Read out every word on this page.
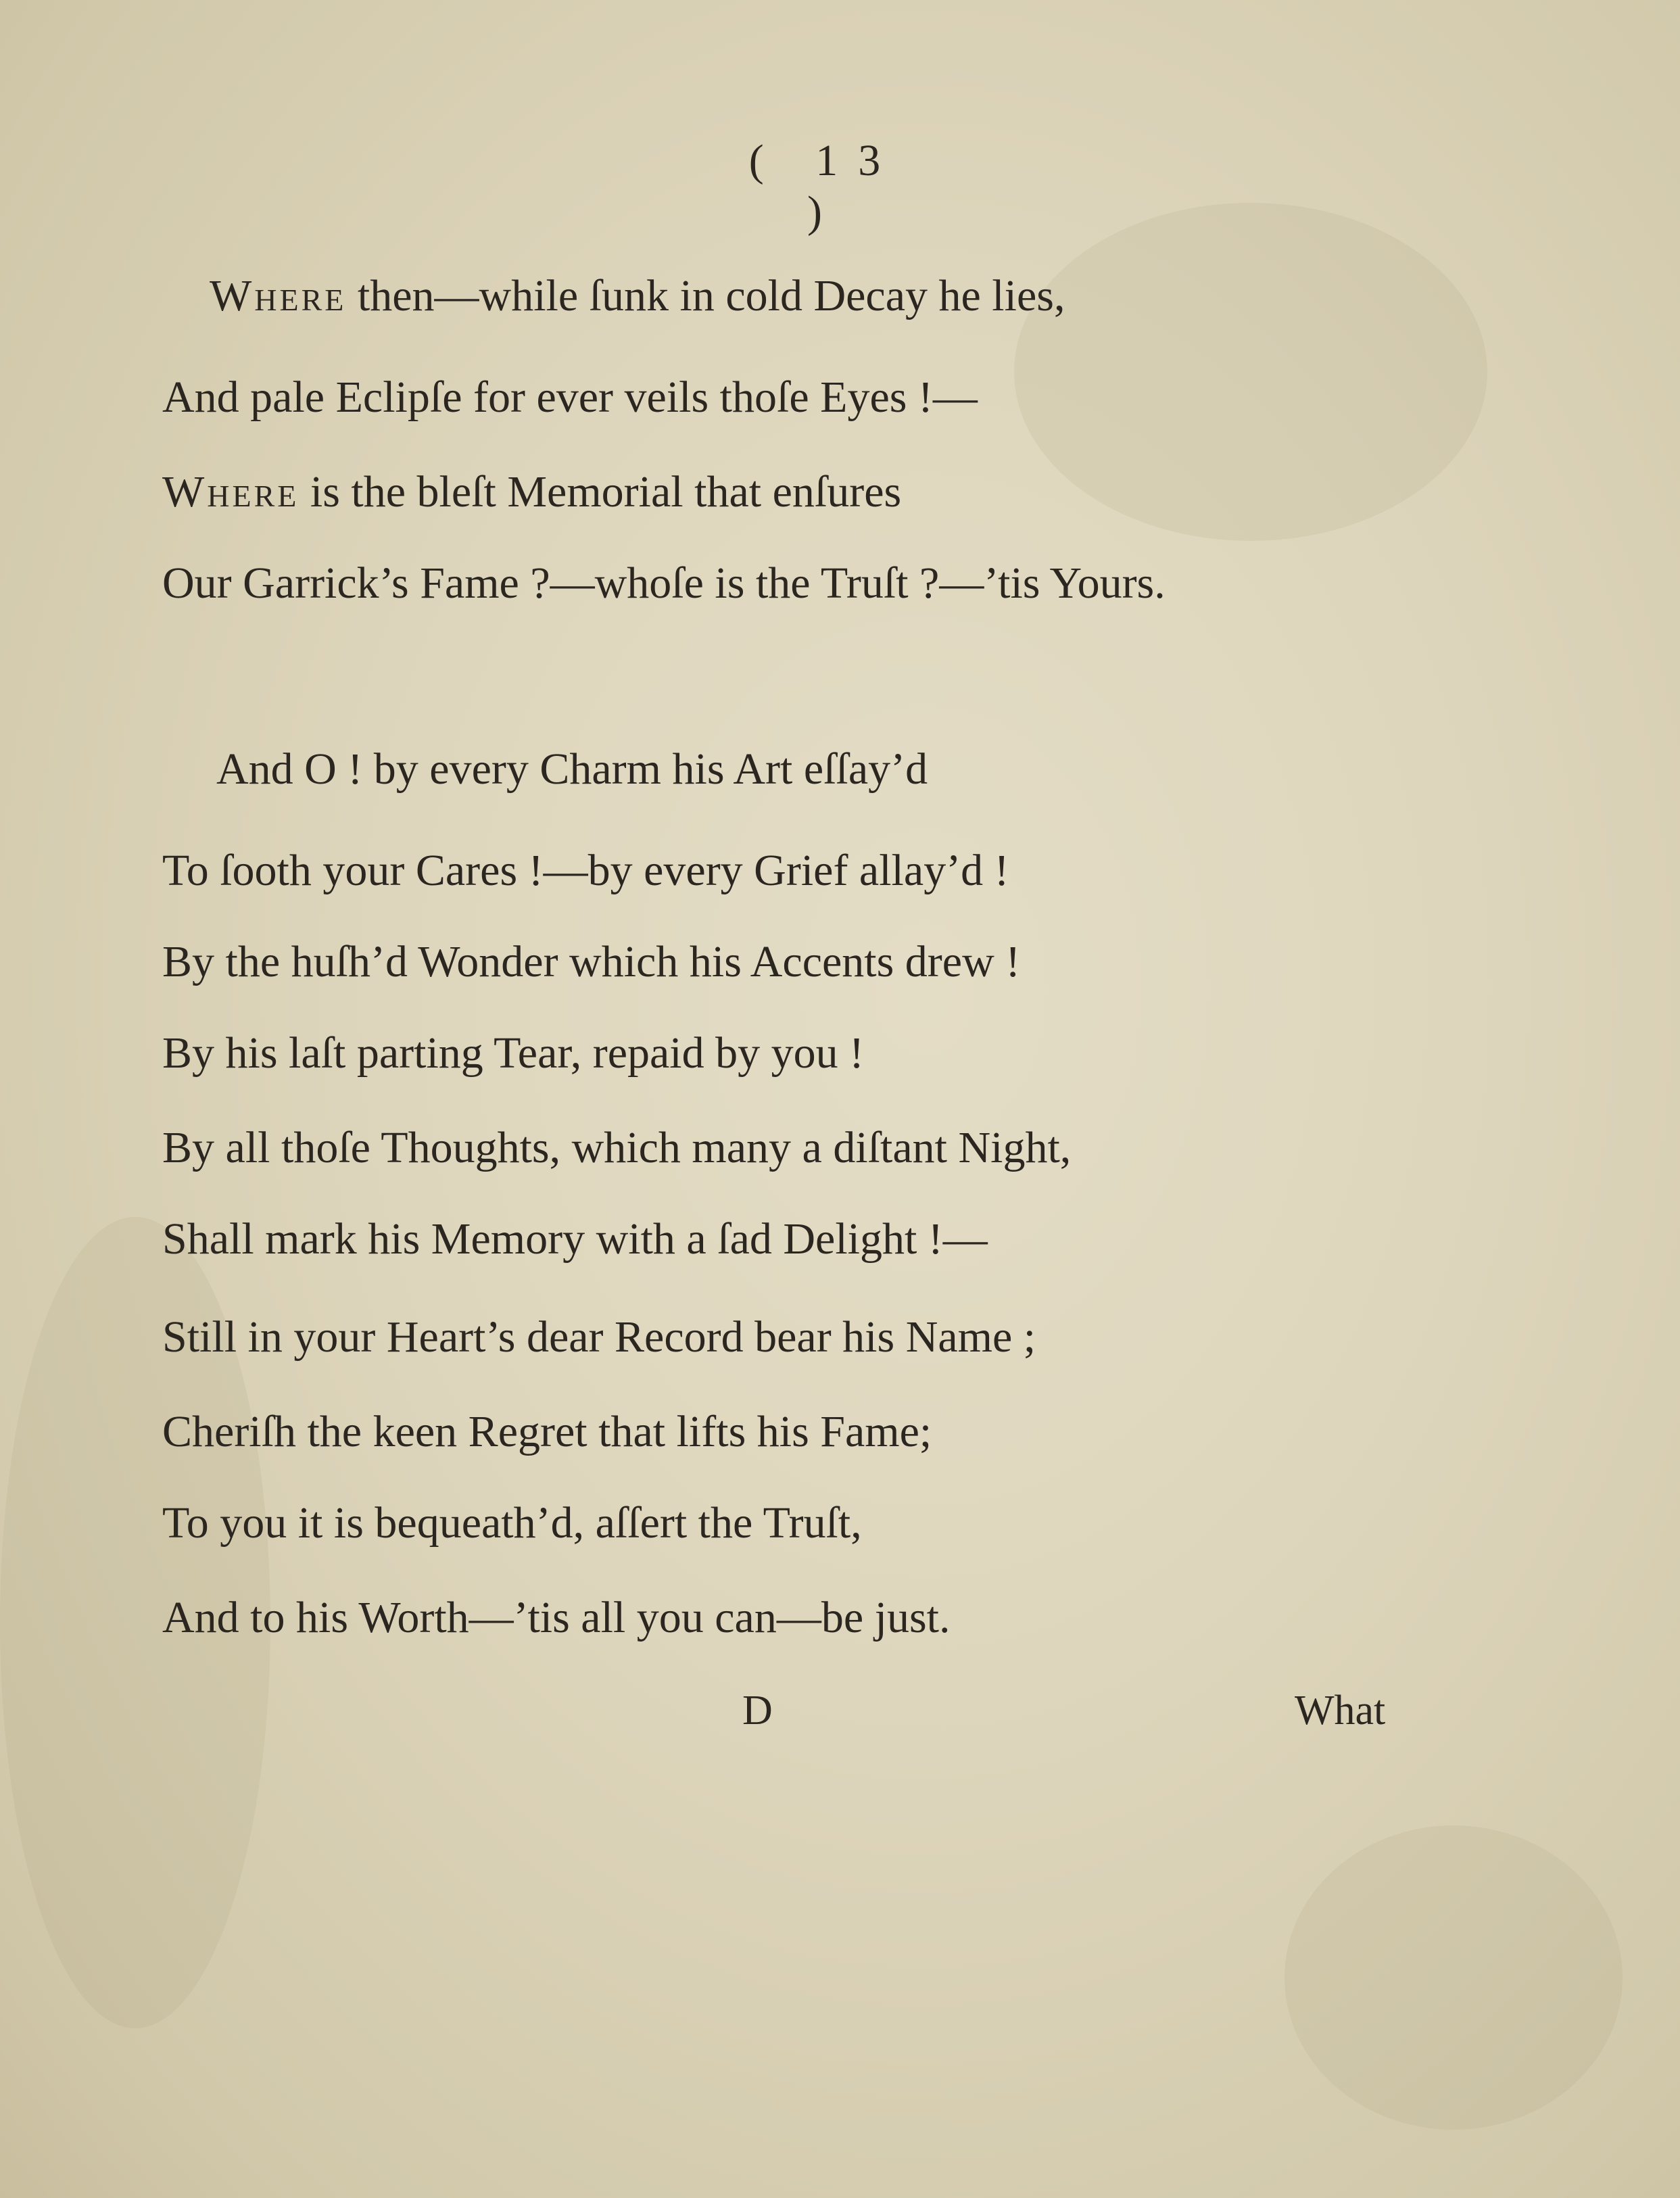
( 13 )
Where then—while ſunk in cold Decay he lies,
And pale Eclipſe for ever veils thoſe Eyes !—
Where is the bleſt Memorial that enſures
Our Garrick’s Fame ?—whoſe is the Truſt ?—’tis Yours.
And O ! by every Charm his Art eſſay’d
To ſooth your Cares !—by every Grief allay’d !
By the huſh’d Wonder which his Accents drew !
By his laſt parting Tear, repaid by you !
By all thoſe Thoughts, which many a diſtant Night,
Shall mark his Memory with a ſad Delight !—
Still in your Heart’s dear Record bear his Name ;
Cheriſh the keen Regret that lifts his Fame;
To you it is bequeath’d, aſſert the Truſt,
And to his Worth—’tis all you can—be just.
D	What
